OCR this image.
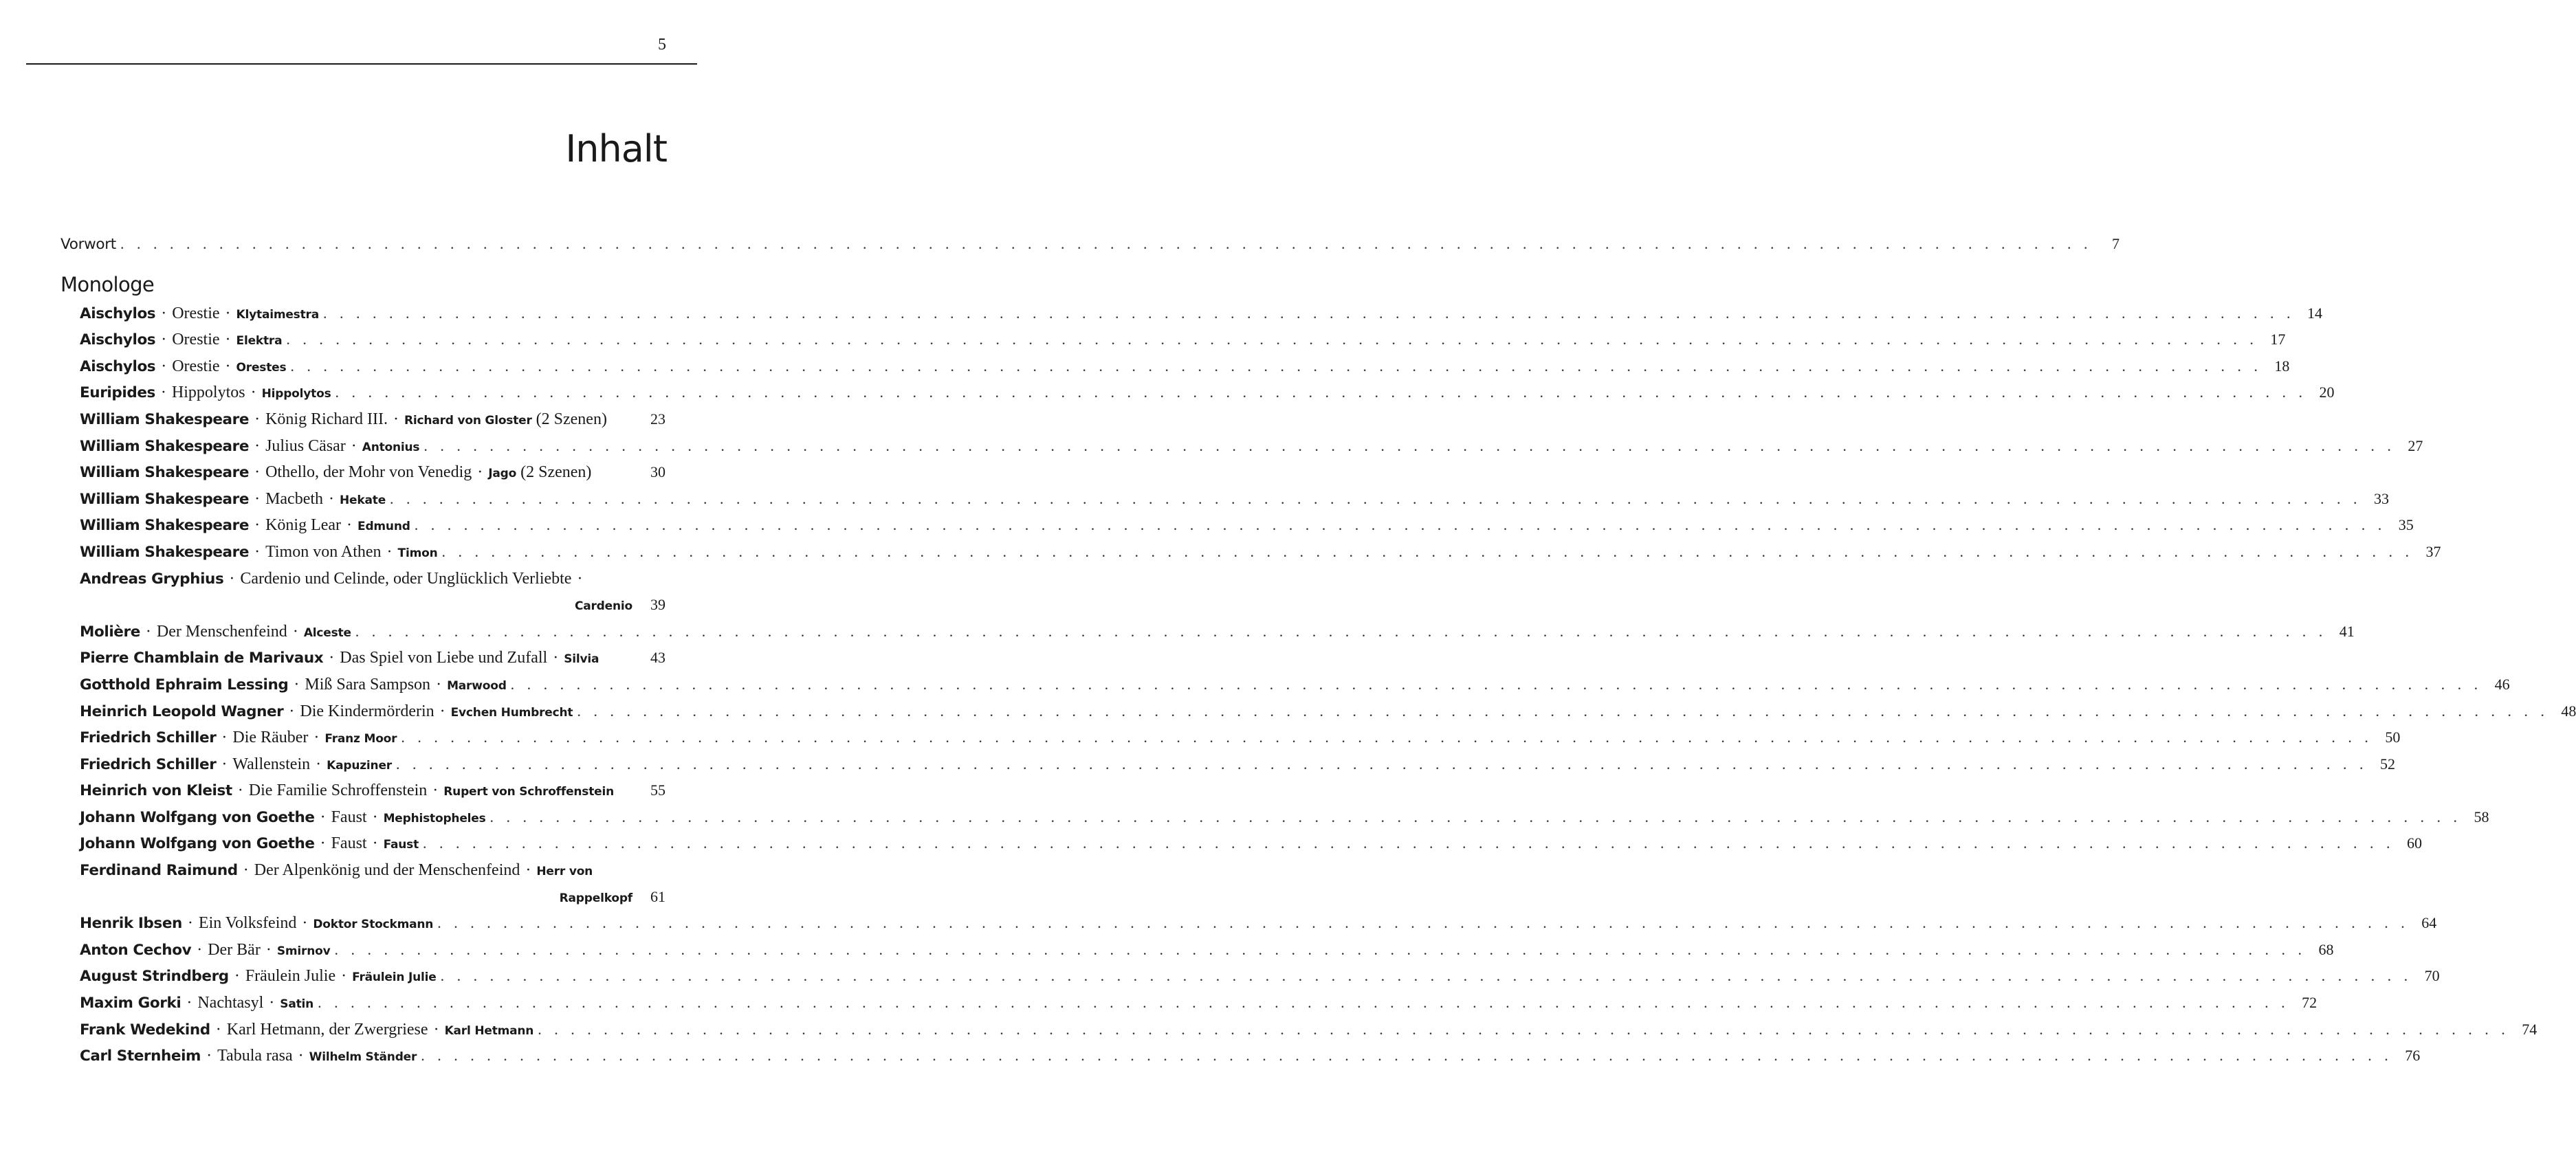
5
Inhalt
Vorwort . . . . . . . . . . . . . . . . . . . . . . . . . . . . . . . . . . . . . . . . . . . . . . . . . . . . . . . . . . . . . . . . . . . . . . . . . . . . . . . . . . . . . . . . . . . . . . . . . . . . . . . . . . . . . . . . . . . . . . . .	7
Monologe
Aischylos · Orestie · Klytaimestra . . . . . . . . . . . . . . . . . . . . . . . . . . . . . . . . . . . . . . . . . . . . . . . . . . . . . . . . . . . . . . . . . . . . . . . . . . . . . . . . . . . . . . . . . . . . . . . . . . . . . . . . . . . . . . . . . . . . . . . . 14
Aischylos · Orestie · Elektra . . . . . . . . . . . . . . . . . . . . . . . . . . . . . . . . . . . . . . . . . . . . . . . . . . . . . . . . . . . . . . . . . . . . . . . . . . . . . . . . . . . . . . . . . . . . . . . . . . . . . . . . . . . . . . . . . . . . . . . . 17
Aischylos · Orestie · Orestes . . . . . . . . . . . . . . . . . . . . . . . . . . . . . . . . . . . . . . . . . . . . . . . . . . . . . . . . . . . . . . . . . . . . . . . . . . . . . . . . . . . . . . . . . . . . . . . . . . . . . . . . . . . . . . . . . . . . . . . . 18
Euripides · Hippolytos · Hippolytos . . . . . . . . . . . . . . . . . . . . . . . . . . . . . . . . . . . . . . . . . . . . . . . . . . . . . . . . . . . . . . . . . . . . . . . . . . . . . . . . . . . . . . . . . . . . . . . . . . . . . . . . . . . . . . . . . . . . . . . . 20
William Shakespeare · König Richard III. · Richard von Gloster (2 Szenen)	23
William Shakespeare · Julius Cäsar · Antonius . . . . . . . . . . . . . . . . . . . . . . . . . . . . . . . . . . . . . . . . . . . . . . . . . . . . . . . . . . . . . . . . . . . . . . . . . . . . . . . . . . . . . . . . . . . . . . . . . . . . . . . . . . . . . . . . . . . . . . . . 27
William Shakespeare · Othello, der Mohr von Venedig · Jago (2 Szenen)	30
William Shakespeare · Macbeth · Hekate . . . . . . . . . . . . . . . . . . . . . . . . . . . . . . . . . . . . . . . . . . . . . . . . . . . . . . . . . . . . . . . . . . . . . . . . . . . . . . . . . . . . . . . . . . . . . . . . . . . . . . . . . . . . . . . . . . . . . . . . 33
William Shakespeare · König Lear · Edmund . . . . . . . . . . . . . . . . . . . . . . . . . . . . . . . . . . . . . . . . . . . . . . . . . . . . . . . . . . . . . . . . . . . . . . . . . . . . . . . . . . . . . . . . . . . . . . . . . . . . . . . . . . . . . . . . . . . . . . . . 35
William Shakespeare · Timon von Athen · Timon . . . . . . . . . . . . . . . . . . . . . . . . . . . . . . . . . . . . . . . . . . . . . . . . . . . . . . . . . . . . . . . . . . . . . . . . . . . . . . . . . . . . . . . . . . . . . . . . . . . . . . . . . . . . . . . . . . . . . . . . 37
Andreas Gryphius · Cardenio und Celinde, oder Unglücklich Verliebte ·
Cardenio	39
Molière · Der Menschenfeind · Alceste . . . . . . . . . . . . . . . . . . . . . . . . . . . . . . . . . . . . . . . . . . . . . . . . . . . . . . . . . . . . . . . . . . . . . . . . . . . . . . . . . . . . . . . . . . . . . . . . . . . . . . . . . . . . . . . . . . . . . . . . 41
Pierre Chamblain de Marivaux · Das Spiel von Liebe und Zufall · Silvia	43
Gotthold Ephraim Lessing · Miß Sara Sampson · Marwood . . . . . . . . . . . . . . . . . . . . . . . . . . . . . . . . . . . . . . . . . . . . . . . . . . . . . . . . . . . . . . . . . . . . . . . . . . . . . . . . . . . . . . . . . . . . . . . . . . . . . . . . . . . . . . . . . . . . . . . . 46
Heinrich Leopold Wagner · Die Kindermörderin · Evchen Humbrecht . . . . . . . . . . . . . . . . . . . . . . . . . . . . . . . . . . . . . . . . . . . . . . . . . . . . . . . . . . . . . . . . . . . . . . . . . . . . . . . . . . . . . . . . . . . . . . . . . . . . . . . . . . . . . . . . . . . . . . . . 48
Friedrich Schiller · Die Räuber · Franz Moor . . . . . . . . . . . . . . . . . . . . . . . . . . . . . . . . . . . . . . . . . . . . . . . . . . . . . . . . . . . . . . . . . . . . . . . . . . . . . . . . . . . . . . . . . . . . . . . . . . . . . . . . . . . . . . . . . . . . . . . . 50
Friedrich Schiller · Wallenstein · Kapuziner . . . . . . . . . . . . . . . . . . . . . . . . . . . . . . . . . . . . . . . . . . . . . . . . . . . . . . . . . . . . . . . . . . . . . . . . . . . . . . . . . . . . . . . . . . . . . . . . . . . . . . . . . . . . . . . . . . . . . . . . 52
Heinrich von Kleist · Die Familie Schroffenstein · Rupert von Schroffenstein	55
Johann Wolfgang von Goethe · Faust · Mephistopheles . . . . . . . . . . . . . . . . . . . . . . . . . . . . . . . . . . . . . . . . . . . . . . . . . . . . . . . . . . . . . . . . . . . . . . . . . . . . . . . . . . . . . . . . . . . . . . . . . . . . . . . . . . . . . . . . . . . . . . . . 58
Johann Wolfgang von Goethe · Faust · Faust . . . . . . . . . . . . . . . . . . . . . . . . . . . . . . . . . . . . . . . . . . . . . . . . . . . . . . . . . . . . . . . . . . . . . . . . . . . . . . . . . . . . . . . . . . . . . . . . . . . . . . . . . . . . . . . . . . . . . . . . 60
Ferdinand Raimund · Der Alpenkönig und der Menschenfeind · Herr von
Rappelkopf	61
Henrik Ibsen · Ein Volksfeind · Doktor Stockmann . . . . . . . . . . . . . . . . . . . . . . . . . . . . . . . . . . . . . . . . . . . . . . . . . . . . . . . . . . . . . . . . . . . . . . . . . . . . . . . . . . . . . . . . . . . . . . . . . . . . . . . . . . . . . . . . . . . . . . . . 64
Anton Cechov · Der Bär · Smirnov . . . . . . . . . . . . . . . . . . . . . . . . . . . . . . . . . . . . . . . . . . . . . . . . . . . . . . . . . . . . . . . . . . . . . . . . . . . . . . . . . . . . . . . . . . . . . . . . . . . . . . . . . . . . . . . . . . . . . . . . 68
August Strindberg · Fräulein Julie · Fräulein Julie . . . . . . . . . . . . . . . . . . . . . . . . . . . . . . . . . . . . . . . . . . . . . . . . . . . . . . . . . . . . . . . . . . . . . . . . . . . . . . . . . . . . . . . . . . . . . . . . . . . . . . . . . . . . . . . . . . . . . . . . 70
Maxim Gorki · Nachtasyl · Satin . . . . . . . . . . . . . . . . . . . . . . . . . . . . . . . . . . . . . . . . . . . . . . . . . . . . . . . . . . . . . . . . . . . . . . . . . . . . . . . . . . . . . . . . . . . . . . . . . . . . . . . . . . . . . . . . . . . . . . . . 72
Frank Wedekind · Karl Hetmann, der Zwergriese · Karl Hetmann . . . . . . . . . . . . . . . . . . . . . . . . . . . . . . . . . . . . . . . . . . . . . . . . . . . . . . . . . . . . . . . . . . . . . . . . . . . . . . . . . . . . . . . . . . . . . . . . . . . . . . . . . . . . . . . . . . . . . . . . 74
Carl Sternheim · Tabula rasa · Wilhelm Ständer . . . . . . . . . . . . . . . . . . . . . . . . . . . . . . . . . . . . . . . . . . . . . . . . . . . . . . . . . . . . . . . . . . . . . . . . . . . . . . . . . . . . . . . . . . . . . . . . . . . . . . . . . . . . . . . . . . . . . . . . 76
